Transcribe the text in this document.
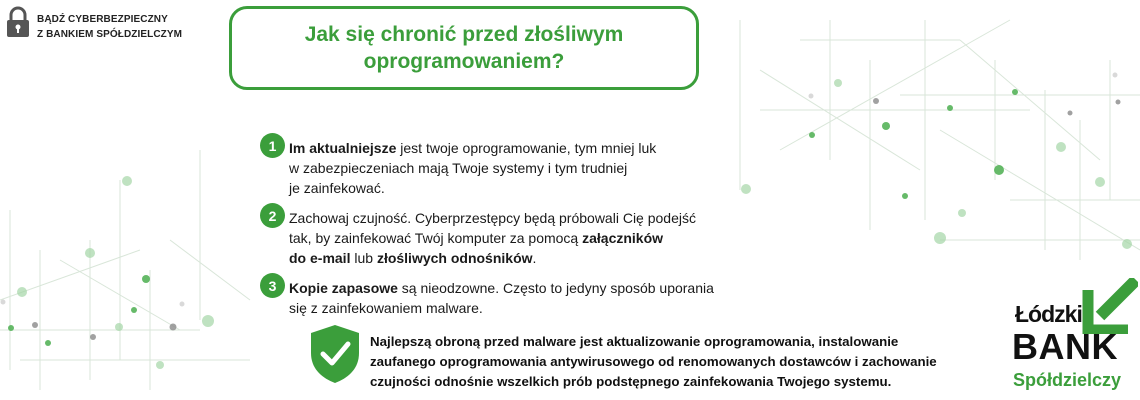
BĄDŹ CYBERBEZPIECZNY
Z BANKIEM SPÓŁDZIELCZYM	Jak się chronić przed złośliwym
oprogramowaniem?
1 Im aktualniejsze jest twoje oprogramowanie, tym mniej luk
w zabezpieczeniach mają Twoje systemy i tym trudniej
je zainfekować.

2 Zachowaj czujność. Cyberprzestępcy będą próbowali Cię podejść
tak, by zainfekować Twój komputer za pomocą załączników
do e-mail lub złośliwych odnośników.

3 Kopie zapasowe są nieodzowne. Często to jedyny sposób uporania
się z zainfekowaniem malware.

Najlepszą obroną przed malware jest aktualizowanie oprogramowania, instalowanie
zaufanego oprogramowania antywirusowego od renomowanych dostawców i zachowanie
czujności odnośnie wszelkich prób podstępnego zainfekowania Twojego systemu.
Łódzki
BANK
Spółdzielczy
